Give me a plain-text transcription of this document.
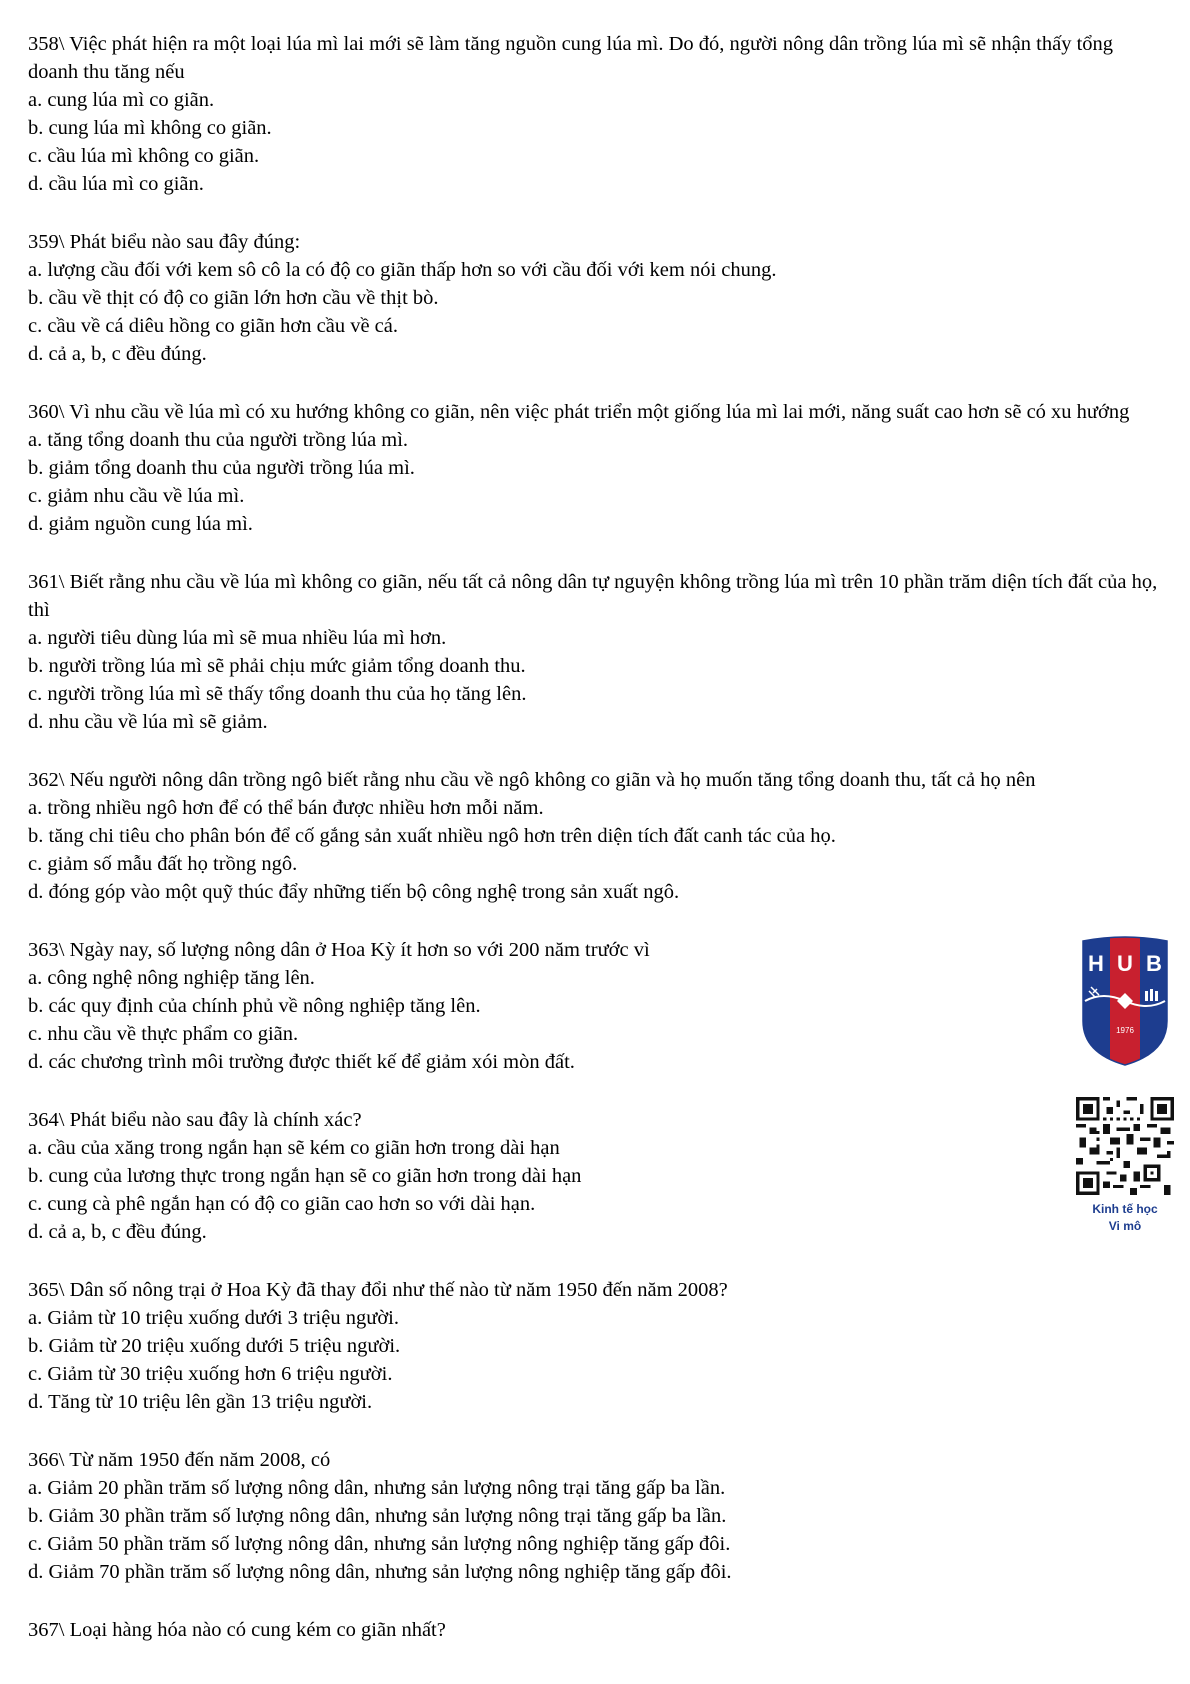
358\ Việc phát hiện ra một loại lúa mì lai mới sẽ làm tăng nguồn cung lúa mì. Do đó, người nông dân trồng lúa mì sẽ nhận thấy tổng doanh thu tăng nếu

a. cung lúa mì co giãn.

b. cung lúa mì không co giãn.

c. cầu lúa mì không co giãn.

d. cầu lúa mì co giãn.

359\ Phát biểu nào sau đây đúng:

a. lượng cầu đối với kem sô cô la có độ co giãn thấp hơn so với cầu đối với kem nói chung.

b. cầu về thịt có độ co giãn lớn hơn cầu về thịt bò.

c. cầu về cá diêu hồng co giãn hơn cầu về cá.

d. cả a, b, c đều đúng.

360\ Vì nhu cầu về lúa mì có xu hướng không co giãn, nên việc phát triển một giống lúa mì lai mới, năng suất cao hơn sẽ có xu hướng

a. tăng tổng doanh thu của người trồng lúa mì.

b. giảm tổng doanh thu của người trồng lúa mì.

c. giảm nhu cầu về lúa mì.

d. giảm nguồn cung lúa mì.

361\ Biết rằng nhu cầu về lúa mì không co giãn, nếu tất cả nông dân tự nguyện không trồng lúa mì trên 10 phần trăm diện tích đất của họ, thì

a. người tiêu dùng lúa mì sẽ mua nhiều lúa mì hơn.

b. người trồng lúa mì sẽ phải chịu mức giảm tổng doanh thu.

c. người trồng lúa mì sẽ thấy tổng doanh thu của họ tăng lên.

d. nhu cầu về lúa mì sẽ giảm.

362\ Nếu người nông dân trồng ngô biết rằng nhu cầu về ngô không co giãn và họ muốn tăng tổng doanh thu, tất cả họ nên

a. trồng nhiều ngô hơn để có thể bán được nhiều hơn mỗi năm.

b. tăng chi tiêu cho phân bón để cố gắng sản xuất nhiều ngô hơn trên diện tích đất canh tác của họ.

c. giảm số mẫu đất họ trồng ngô.

d. đóng góp vào một quỹ thúc đẩy những tiến bộ công nghệ trong sản xuất ngô.

363\ Ngày nay, số lượng nông dân ở Hoa Kỳ ít hơn so với 200 năm trước vì

a. công nghệ nông nghiệp tăng lên.

b. các quy định của chính phủ về nông nghiệp tăng lên.

c. nhu cầu về thực phẩm co giãn.

d. các chương trình môi trường được thiết kế để giảm xói mòn đất.

364\ Phát biểu nào sau đây là chính xác?

a. cầu của xăng trong ngắn hạn sẽ kém co giãn hơn trong dài hạn

b. cung của lương thực trong ngắn hạn sẽ co giãn hơn trong dài hạn

c. cung cà phê ngắn hạn có độ co giãn cao hơn so với dài hạn.

d. cả a, b, c đều đúng.

365\ Dân số nông trại ở Hoa Kỳ đã thay đổi như thế nào từ năm 1950 đến năm 2008?

a. Giảm từ 10 triệu xuống dưới 3 triệu người.

b. Giảm từ 20 triệu xuống dưới 5 triệu người.

c. Giảm từ 30 triệu xuống hơn 6 triệu người.

d. Tăng từ 10 triệu lên gần 13 triệu người.

366\ Từ năm 1950 đến năm 2008, có

a. Giảm 20 phần trăm số lượng nông dân, nhưng sản lượng nông trại tăng gấp ba lần.

b. Giảm 30 phần trăm số lượng nông dân, nhưng sản lượng nông trại tăng gấp ba lần.

c. Giảm 50 phần trăm số lượng nông dân, nhưng sản lượng nông nghiệp tăng gấp đôi.

d. Giảm 70 phần trăm số lượng nông dân, nhưng sản lượng nông nghiệp tăng gấp đôi.

367\ Loại hàng hóa nào có cung kém co giãn nhất?

H U B
1976
Kinh tế học
Vi mô
